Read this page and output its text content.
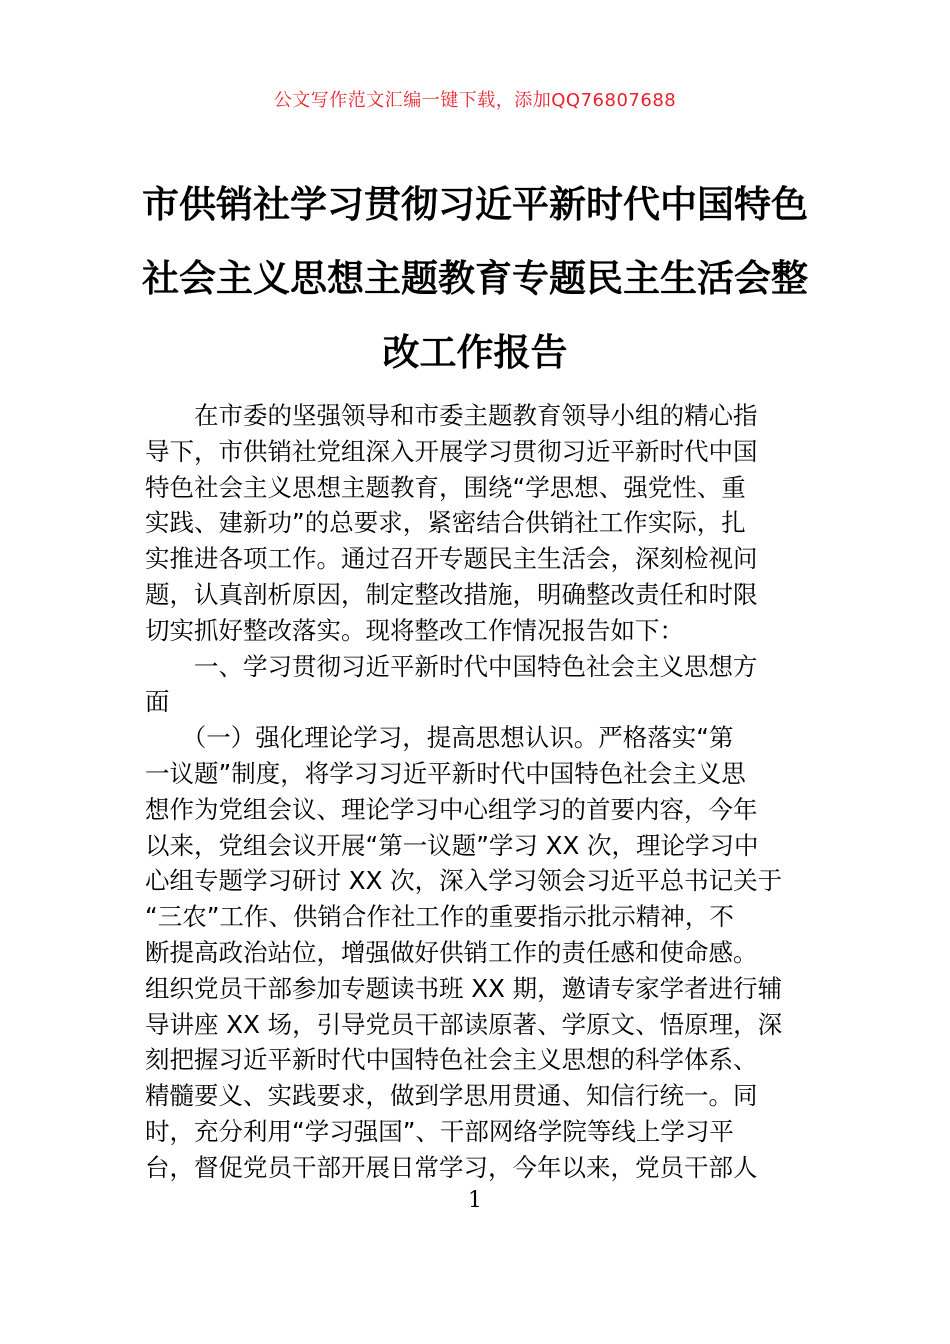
公文写作范文汇编一键下载，添加QQ76807688
市供销社学习贯彻习近平新时代中国特色
社会主义思想主题教育专题民主生活会整
改工作报告
　　在市委的坚强领导和市委主题教育领导小组的精心指
导下，市供销社党组深入开展学习贯彻习近平新时代中国
特色社会主义思想主题教育，围绕“学思想、强党性、重
实践、建新功”的总要求，紧密结合供销社工作实际，扎
实推进各项工作。通过召开专题民主生活会，深刻检视问
题，认真剖析原因，制定整改措施，明确整改责任和时限
切实抓好整改落实。现将整改工作情况报告如下：
　　一、学习贯彻习近平新时代中国特色社会主义思想方
面
　　（一）强化理论学习，提高思想认识。严格落实“第
一议题”制度，将学习习近平新时代中国特色社会主义思
想作为党组会议、理论学习中心组学习的首要内容，今年
以来，党组会议开展“第一议题”学习 XX 次，理论学习中
心组专题学习研讨 XX 次，深入学习领会习近平总书记关于
“三农”工作、供销合作社工作的重要指示批示精神，不
断提高政治站位，增强做好供销工作的责任感和使命感。
组织党员干部参加专题读书班 XX 期，邀请专家学者进行辅
导讲座 XX 场，引导党员干部读原著、学原文、悟原理，深
刻把握习近平新时代中国特色社会主义思想的科学体系、
精髓要义、实践要求，做到学思用贯通、知信行统一。同
时，充分利用“学习强国”、干部网络学院等线上学习平
台，督促党员干部开展日常学习，今年以来，党员干部人
1
